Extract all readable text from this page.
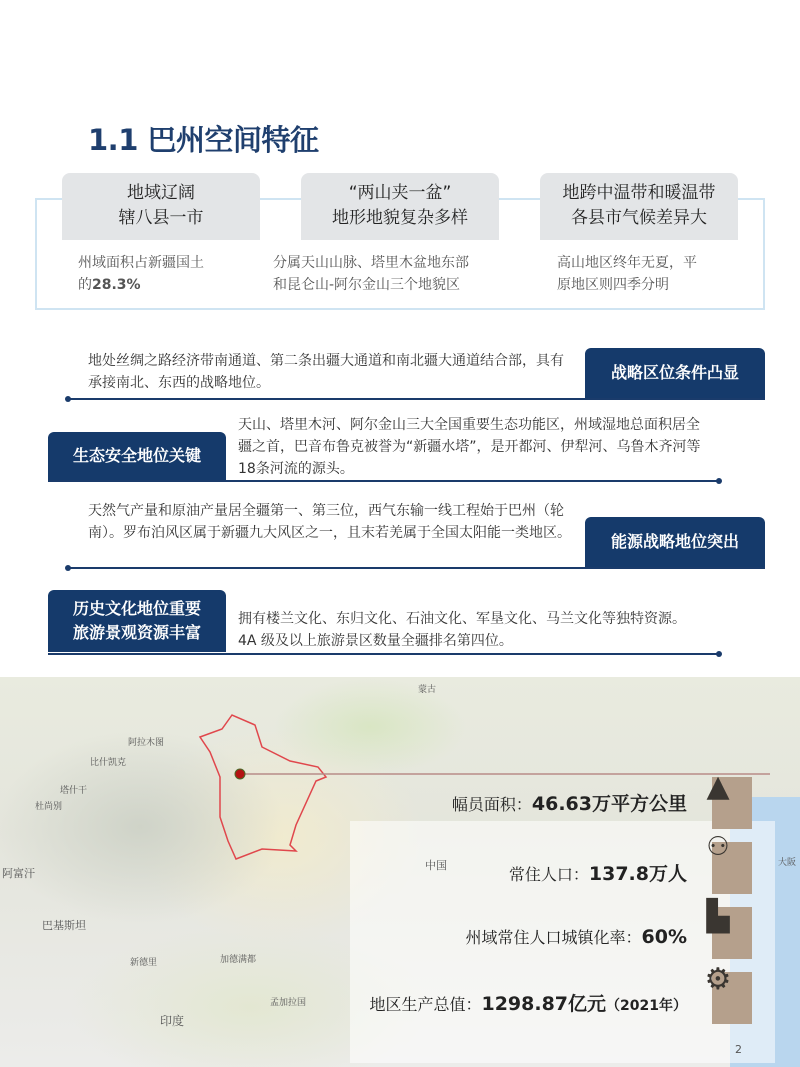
1.1 巴州空间特征
地域辽阔
辖八县一市
“两山夹一盆”
地形地貌复杂多样
地跨中温带和暖温带
各县市气候差异大
州域面积占新疆国土
的28.3%
分属天山山脉、塔里木盆地东部
和昆仑山-阿尔金山三个地貌区
高山地区终年无夏，平
原地区则四季分明
地处丝绸之路经济带南通道、第二条出疆大通道和南北疆大通道结合部，具有承接南北、东西的战略地位。
战略区位条件凸显
生态安全地位关键
天山、塔里木河、阿尔金山三大全国重要生态功能区，州域湿地总面积居全疆之首，巴音布鲁克被誉为“新疆水塔”，是开都河、伊犁河、乌鲁木齐河等18条河流的源头。
天然气产量和原油产量居全疆第一、第三位，西气东输一线工程始于巴州（轮南）。罗布泊风区属于新疆九大风区之一，且末若羌属于全国太阳能一类地区。	能源战略地位突出
历史文化地位重要
旅游景观资源丰富
拥有楼兰文化、东归文化、石油文化、军垦文化、马兰文化等独特资源。 4A 级及以上旅游景区数量全疆排名第四位。
蒙古
阿拉木图
比什凯克
塔什干
杜尚别
阿富汗
巴基斯坦
新德里	加德满都
印度
中国
孟加拉国
大阪
▲
⚇
▙
⚙
幅员面积：46.63万平方公里
常住人口：137.8万人
州域常住人口城镇化率：60%
地区生产总值：1298.87亿元（2021年）
2
